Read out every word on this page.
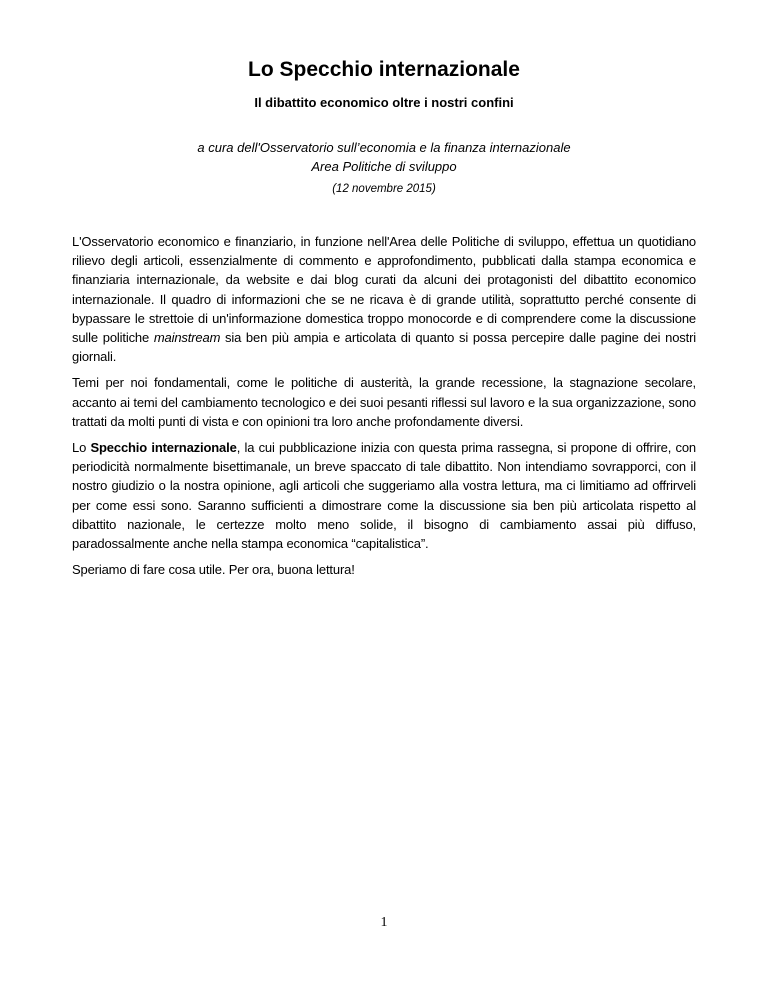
Lo Specchio internazionale
Il dibattito economico oltre i nostri confini
a cura dell'Osservatorio sull’economia e la finanza internazionale
Area Politiche di sviluppo
(12 novembre 2015)

L'Osservatorio economico e finanziario, in funzione nell'Area delle Politiche di sviluppo, effettua un quotidiano rilievo degli articoli, essenzialmente di commento e approfondimento, pubblicati dalla stampa economica e finanziaria internazionale, da website e dai blog curati da alcuni dei protagonisti del dibattito economico internazionale. Il quadro di informazioni che se ne ricava è di grande utilità, soprattutto perché consente di bypassare le strettoie di un'informazione domestica troppo monocorde e di comprendere come la discussione sulle politiche mainstream sia ben più ampia e articolata di quanto si possa percepire dalle pagine dei nostri giornali.

Temi per noi fondamentali, come le politiche di austerità, la grande recessione, la stagnazione secolare, accanto ai temi del cambiamento tecnologico e dei suoi pesanti riflessi sul lavoro e la sua organizzazione, sono trattati da molti punti di vista e con opinioni tra loro anche profondamente diversi.

Lo Specchio internazionale, la cui pubblicazione inizia con questa prima rassegna, si propone di offrire, con periodicità normalmente bisettimanale, un breve spaccato di tale dibattito. Non intendiamo sovrapporci, con il nostro giudizio o la nostra opinione, agli articoli che suggeriamo alla vostra lettura, ma ci limitiamo ad offrirveli per come essi sono. Saranno sufficienti a dimostrare come la discussione sia ben più articolata rispetto al dibattito nazionale, le certezze molto meno solide, il bisogno di cambiamento assai più diffuso, paradossalmente anche nella stampa economica “capitalistica”.

Speriamo di fare cosa utile. Per ora, buona lettura!

1
